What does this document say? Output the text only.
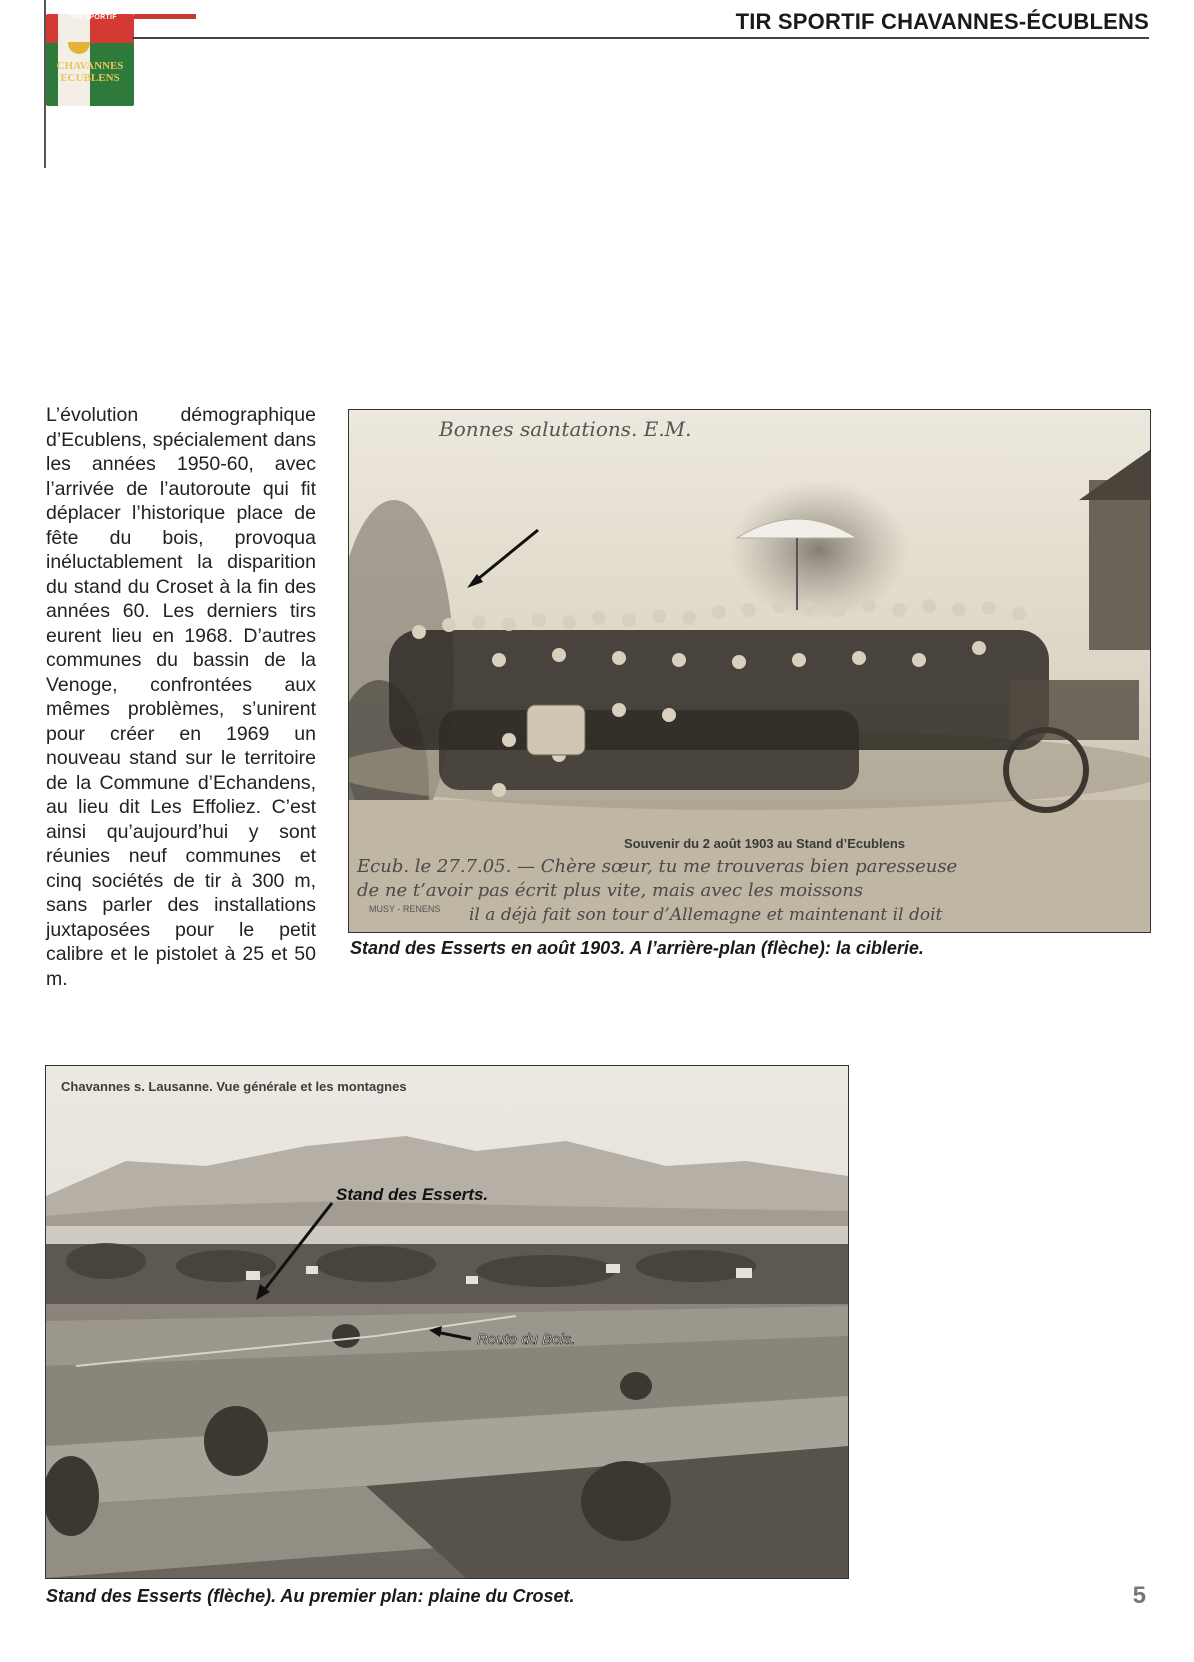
TIR SPORTIF
CHAVANNES
ECUBLENS
TIR SPORTIF CHAVANNES-ÉCUBLENS
L’évolution démographique d’Ecublens, spécialement dans les années 1950-60, avec l’arrivée de l’autoroute qui fit déplacer l’historique place de fête du bois, provoqua inéluctablement la disparition du stand du Croset à la fin des années 60. Les derniers tirs eurent lieu en 1968. D’autres communes du bassin de la Venoge, confrontées aux mêmes problèmes, s’unirent pour créer en 1969 un nouveau stand sur le territoire de la Commune d’Echandens, au lieu dit Les Effoliez. C’est ainsi qu’aujourd’hui y sont réunies neuf communes et cinq sociétés de tir à 300 m, sans parler des installations juxtaposées pour le petit calibre et le pistolet à 25 et 50 m.
Bonnes salutations. E.M.
Souvenir du 2 août 1903 au Stand d’Ecublens
Ecub. le 27.7.05. — Chère sœur, tu me trouveras bien paresseuse
de ne t’avoir pas écrit plus vite, mais avec les moissons
il a déjà fait son tour d’Allemagne et maintenant il doit
MUSY - RENENS
Stand des Esserts en août 1903. A l’arrière-plan (flèche): la ciblerie.
Chavannes s. Lausanne. Vue générale et les montagnes
Stand des Esserts.
Route du Bois.
Stand des Esserts (flèche). Au premier plan: plaine du Croset.	5
